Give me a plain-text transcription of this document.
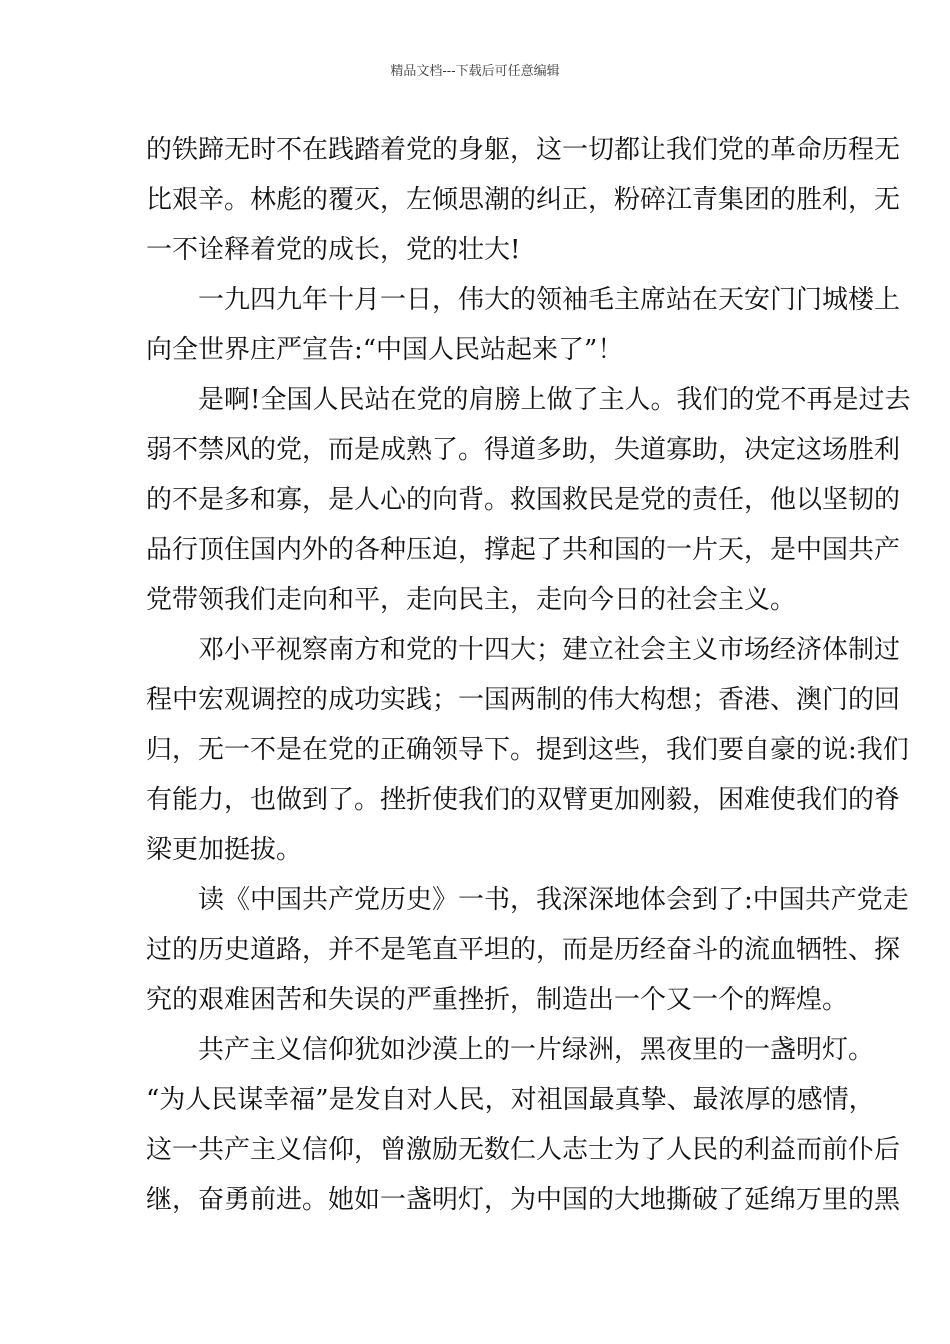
精品文档---下载后可任意编辑
的铁蹄无时不在践踏着党的身躯，这一切都让我们党的革命历程无
比艰辛。林彪的覆灭，左倾思潮的纠正，粉碎江青集团的胜利，无
一不诠释着党的成长，党的壮大!
　　一九四九年十月一日，伟大的领袖毛主席站在天安门门城楼上
向全世界庄严宣告:“中国人民站起来了”！
　　是啊!全国人民站在党的肩膀上做了主人。我们的党不再是过去
弱不禁风的党，而是成熟了。得道多助，失道寡助，决定这场胜利
的不是多和寡，是人心的向背。救国救民是党的责任，他以坚韧的
品行顶住国内外的各种压迫，撑起了共和国的一片天，是中国共产
党带领我们走向和平，走向民主，走向今日的社会主义。
　　邓小平视察南方和党的十四大；建立社会主义市场经济体制过
程中宏观调控的成功实践；一国两制的伟大构想；香港、澳门的回
归，无一不是在党的正确领导下。提到这些，我们要自豪的说:我们
有能力，也做到了。挫折使我们的双臂更加刚毅，困难使我们的脊
梁更加挺拔。
　　读《中国共产党历史》一书，我深深地体会到了:中国共产党走
过的历史道路，并不是笔直平坦的，而是历经奋斗的流血牺牲、探
究的艰难困苦和失误的严重挫折，制造出一个又一个的辉煌。
　　共产主义信仰犹如沙漠上的一片绿洲，黑夜里的一盏明灯。
“为人民谋幸福”是发自对人民，对祖国最真挚、最浓厚的感情，
这一共产主义信仰，曾激励无数仁人志士为了人民的利益而前仆后
继，奋勇前进。她如一盏明灯，为中国的大地撕破了延绵万里的黑
